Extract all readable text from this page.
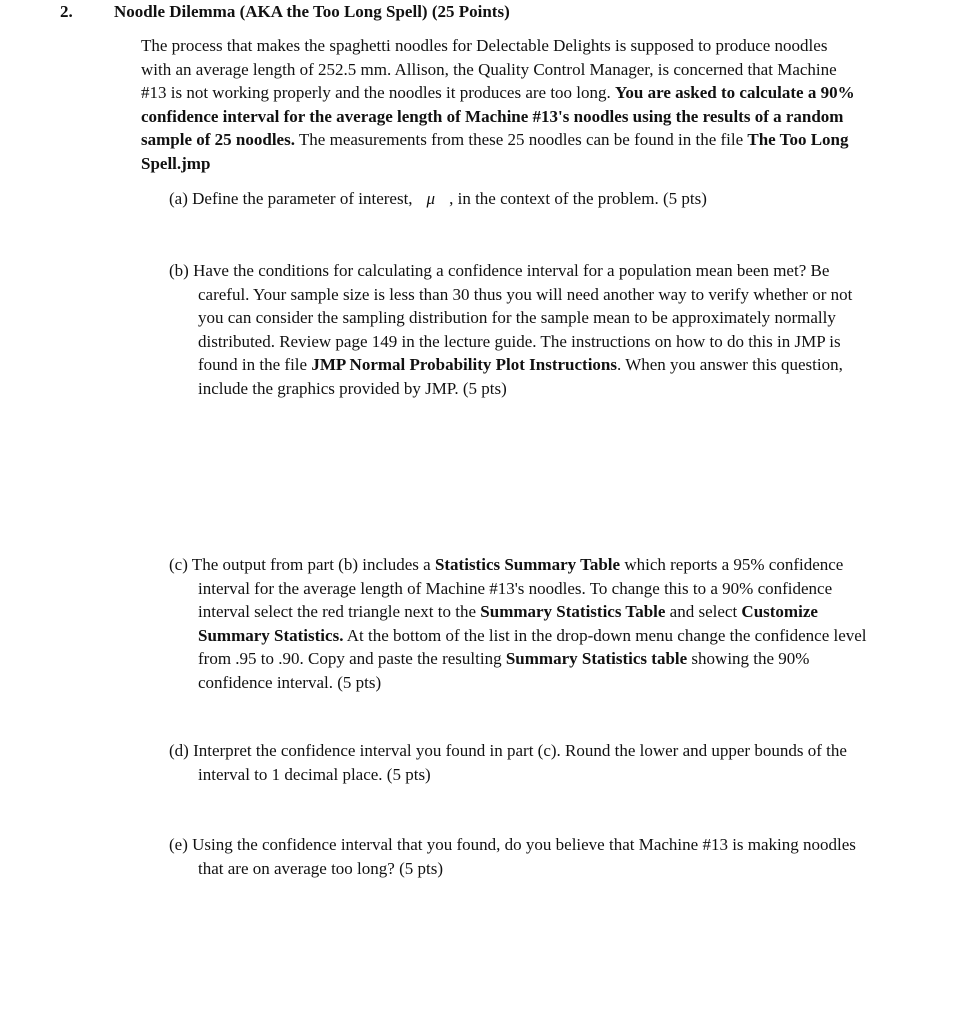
2. Noodle Dilemma (AKA the Too Long Spell) (25 Points)
The process that makes the spaghetti noodles for Delectable Delights is supposed to produce noodles with an average length of 252.5 mm. Allison, the Quality Control Manager, is concerned that Machine #13 is not working properly and the noodles it produces are too long. You are asked to calculate a 90% confidence interval for the average length of Machine #13's noodles using the results of a random sample of 25 noodles. The measurements from these 25 noodles can be found in the file The Too Long Spell.jmp
(a) Define the parameter of interest, μ , in the context of the problem. (5 pts)
(b) Have the conditions for calculating a confidence interval for a population mean been met? Be careful. Your sample size is less than 30 thus you will need another way to verify whether or not you can consider the sampling distribution for the sample mean to be approximately normally distributed. Review page 149 in the lecture guide. The instructions on how to do this in JMP is found in the file JMP Normal Probability Plot Instructions. When you answer this question, include the graphics provided by JMP. (5 pts)
(c) The output from part (b) includes a Statistics Summary Table which reports a 95% confidence interval for the average length of Machine #13's noodles. To change this to a 90% confidence interval select the red triangle next to the Summary Statistics Table and select Customize Summary Statistics. At the bottom of the list in the drop-down menu change the confidence level from .95 to .90. Copy and paste the resulting Summary Statistics table showing the 90% confidence interval. (5 pts)
(d) Interpret the confidence interval you found in part (c). Round the lower and upper bounds of the interval to 1 decimal place. (5 pts)
(e) Using the confidence interval that you found, do you believe that Machine #13 is making noodles that are on average too long? (5 pts)
